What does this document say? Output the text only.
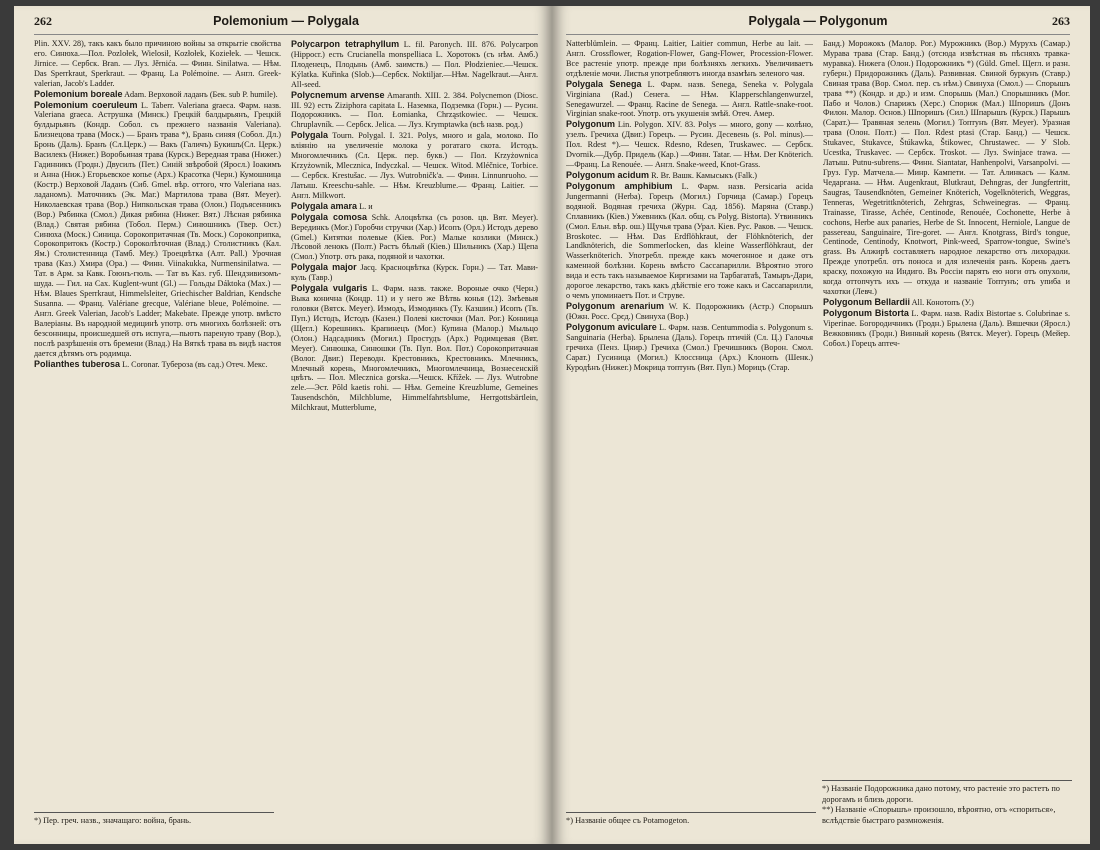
262	Polemonium — Polygala

Plin. XXV. 28), такъ какъ было причиною войны за открытіе свойства его. Синюха.—Пол. Pozlołek, Wielosił, Kozłołek, Koziełek. — Чешск. Jirnice. — Сербск. Bran. — Луз. Jěrnića. — Финн. Sinilatwa. — Нѣм. Das Sperrkraut, Sperkraut. — Франц. La Polémoine. — Англ. Greek-valerian, Jacob's Ladder.

Polemonium boreale Adam. Верховой ладанъ (Бек. sub P. humile).

Polemonium coeruleum L. Taberr. Valeriana graeca. Фарм. назв. Valeriana graeca. Аструшка (Минск.) Грецкій балдырьянъ, Грецкій булдырьянъ (Кондр. Собол. съ прежнего названія Valeriana). Близнецова трава (Моск.) — Бранъ трава *), Брань синяя (Собол. Дл.) Бронь (Даль). Бранъ (Сл.Церк.) — Вакъ (Галичъ) Букишъ(Сл. Церк.) Василекъ (Нижег.) Воробьиная трава (Курск.) Вередная трава (Нижег.) Гадинникъ (Гродн.) Двусилъ (Пет.) Синій звѣробой (Яросл.) Іоакимъ и Анна (Ниж.) Егорьевское копье (Арх.) Красотка (Черн.) Кумошница (Костр.) Верховой Ладанъ (Сиб. Gmel. вѣр. оттого, что Valeriana наз. ладаномъ). Маточникъ (Эк. Маг.) Мартилова трава (Вят. Meyer). Николаевская трава (Вор.) Нипкольская трава (Олон.) Подъясенникъ (Вор.) Рябинка (Смол.) Дикая рябина (Нижег. Вят.) Лѣсная рябинка (Влад.) Святая рябина (Тобол. Перм.) Синюшникъ (Твер. Ост.) Синюха (Моск.) Синица. Сорокопритачная (Тв. Моск.) Сорокоприпка, Сорокопритокъ (Костр.) Сороколѣточная (Влад.) Столистникъ (Кал. Ям.) Столистенница (Тамб. Меу.) Троецвѣтка (Алт. Pall.) Урочная трава (Каз.) Хмира (Ора.) — Финн. Viinakukka, Nurmensinilatwa. — Тат. в Арм. за Кавк. Гоюнъ-гюль. — Тат въ Каз. губ. Шендзивизомъ-шуда. — Гил. на Сах. Kuglent-wunt (Gl.) — Гольды Dáktoka (Max.) — Нѣм. Blaues Sperrkraut, Himmelsleiter, Griechischer Baldrian, Kendsche Susanna. — Франц. Valériane grecque, Valériane bleue, Polémoine. — Англ. Greek Valerian, Jacob's Ladder; Makebate. Прежде употр. вмѣсто Валеріаны. Въ народной медицинѣ употр. отъ многихъ болѣзней: отъ безсонницы, происшедшей отъ испуга,—пьютъ пареную траву (Вор.), послѣ разрѣшенія отъ бремени (Влад.) На Вяткѣ трава въ видѣ настоя дается дѣтямъ отъ родимца.

Polianthes tuberosa L. Coronar. Туберoза (въ сад.) Отеч. Мекс.

Polycarpon tetraphyllum L. fil. Paronych. III. 876. Polycarpon (Hippocr.) есть Crucianella monspelliaca L. Хоротокъ (съ нѣм. Амб.) Плоденецъ, Плодынь (Амб. заимств.) — Пол. Płodzieniec.—Чешск. Kýlatka. Kuřinka (Slob.)—Сербск. Noktiljar.—Нѣм. Nagelkraut.—Англ. All-seed.

Polycnemum arvense Amaranth. XIII. 2. 384. Polycnemon (Diosc. III. 92) есть Ziziphora capitata L. Наземка, Подземка (Горн.) — Русин. Подорожникъ. — Пол. Łomianka, Chrząstkowiec. — Чешск. Chruplavník. — Сербск. Jelica. — Луз. Krymptawka (всѣ назв. род.)

Polygala Tourn. Polygal. I. 321. Polys, много и gala, молоко. По вліянію на увеличеніе молока у рогатаго скота. Истодъ. Многомлечникъ (Сл. Церк. пер. букв.) — Пол. Krzyżownica Krzyżownik, Mlecznica, Indyczkal. — Чешск. Witod. Mléčnice, Torbice. — Сербск. Krestušac. — Луз. Wutrobničk'a. — Финн. Linnunruoho. — Латыш. Kreeschu-sahle. — Нѣм. Kreuzblume.— Франц. Laitier. — Англ. Milkwort.

Polygala amara L. и

Polygala comosa Schk. Алоцвѣтка (съ розов. цв. Вят. Meyer). Верединкъ (Мог.) Горобчи стручки (Хар.) Исопъ (Орл.) Истодъ дерево (Gmel.) Китятки полевые (Кіев. Рог.) Малые козлики (Минск.) Лѣсовой ленокъ (Полт.) Растъ бѣлый (Кіев.) Шильникъ (Хар.) Щепа (Смол.) Употр. отъ рака, подяной и чахотки.

Polygala major Jacq. Красноцвѣтка (Курск. Горн.) — Тат. Мави-куль (Тавр.)

Polygala vulgaris L. Фарм. назв. также. Вороные очко (Черн.) Выка конична (Кондр. 11) и у него же Вѣтвь конья (12). Змѣевыя головки (Вятск. Meyer). Измодъ, Измодинкъ (Ту. Казшин.) Исопъ (Тв. Пуп.) Истодъ, Истодъ (Казен.) Полевi кисточки (Мал. Рог.) Конница (Щегл.) Корешникъ. Крапинецъ (Мог.) Купина (Малор.) Мыльцо (Олон.) Надсадникъ (Могил.) Простудъ (Арх.) Родимцевая (Вят. Meyer). Синюшка, Синюшки (Тв. Пуп. Вол. Пот.) Сорокопритачная (Волог. Двиг.) Переводн. Крестовникъ, Крестовникъ. Млечникъ, Млечный корень, Многомлечникъ, Многомлечница, Вознесенскій цвѣтъ. — Пол. Mlecznica gorska.—Чешск. Křížek. — Луз. Wutrobne zele.—Эст. Põld kaetis rohi. — Нѣм. Gemeine Kreuzblume, Gemeines Tausendschön, Milchblume, Himmelfahrtsblume, Herrgottsbärtlein, Milchkraut, Mutterblume,

*) Пер. греч. назв., значащаго: война, брань.
Polygala — Polygonum	263

Natterblümlein. — Франц. Laitier, Laitier commun, Herbe au lait. — Англ. Crossflower, Rogation-Flower, Gang-Flower, Procession-Flower. Все растеніе употр. прежде при болѣзняхъ легкихъ. Увеличиваетъ отдѣленіе мочи. Листья употребляютъ иногда взамѣнъ зеленого чая.

Polygala Senega L. Фарм. назв. Senega, Seneka v. Polygala Virginiana (Rad.) Сенега. — Нѣм. Klapperschlangenwurzel, Senegawurzel. — Франц. Raсine de Senega. — Англ. Rattle-snake-root. Virginian snake-root. Употр. отъ укушенія змѣй. Отеч. Амер.

Polygonum Lin. Polygon. XIV. 83. Polys — много, gony — колѣно, узелъ. Гречиха (Двиг.) Горецъ. — Русин. Десевень (s. Pol. minus).—Пол. Rdest *).— Чешск. Rdesno, Rdesen, Truskawec. — Сербск. Dvornik.—Дубр. Придель (Кар.) —Финн. Tatar. — Нѣм. Der Knöterich. —Франц. La Renouée. — Англ. Snake-weed, Knot-Grass.

Polygonum acidum R. Br. Вашк. Камысыкъ (Falk.)

Polygonum amphibium L. Фарм. назв. Persicaria acida Jungermanni (Herba). Горецъ (Могил.) Горчица (Самар.) Горецъ водяной. Водяная гречиха (Журн. Сад. 1856). Маряна (Ставр.) Сплавникъ (Кіев.) Ужевникъ (Кал. общ. съ Polyg. Bistorta). Утвинникъ (Смол. Ельн. вѣр. ош.) Щучья трава (Урал. Кіев. Рус. Раков. — Чешск. Broskotec. — Нѣм. Das Erdflöhkraut, der Flöhknöterich, der Landknöterich, die Sommerlocken, das kleine Wasserflöhkraut, der Wasserknöterich. Употребл. прежде какъ мочегонное и даже отъ каменной болѣзни. Корень вмѣсто Сассапарилли. Вѣроятно этого вида и есть такъ называемое Киргизами на Тарбагатаѣ, Тамыръ-Дари, дорогое лекарство, такъ какъ дѣйствіе его тоже какъ и Сассапарилли, о чемъ упоминаетъ Пот. и Струве.

Polygonum arenarium W. K. Подорожникъ (Астр.) Спорышъ (Южн. Росс. Срєд.) Свинуха (Вор.)

Polygonum aviculare L. Фарм. назв. Centummodia s. Polygonum s. Sanguinaria (Herba). Брылена (Даль). Горецъ птичій (Сл. Ц.) Галочья гречиха (Пенз. Цнир.) Гречиха (Смол.) Гречишникъ (Ворон. Смол. Сарат.) Гусиница (Могил.) Клоссница (Арх.) Клонопъ (Шенк.) Куродѣнъ (Нижег.) Мокрица топтунъ (Вят. Пуп.) Морицъ (Стар.

Банд.) Морожокъ (Малор. Рог.) Мурожникъ (Вор.) Мурухъ (Самар.) Мурава трава (Стар. Банд.) (отсюда извѣстная въ пѣсняхъ травка-муравка). Нижегa (Олон.) Подорожникъ *) (Güld. Gmel. Щегл. и разн. губерн.) Придорожникъ (Даль). Развивная. Свиной буркунъ (Ставр.) Свиная трава (Вор. Смол. пер. съ нѣм.) Свинуха (Смол.) — Спорышъ трава **) (Кондр. и др.) и изм. Спорышь (Мал.) Спорышникъ (Мог. Пабо и Чолов.) Спарижъ (Херс.) Спориж (Мал.) Шпоришъ (Донъ Филон. Малор. Основ.) Шпоришъ (Сил.) Шпарышъ (Курск.) Парышъ (Сарат.)— Травяная зелень (Могил.) Топтунъ (Вят. Meyer). Уразная трава (Олон. Полт.) — Пол. Rdest ptasi (Стар. Банд.) — Чешск. Stukavec, Stukavce, Štúkawka, Štikowec, Chrustawec. — У Slob. Ucestka, Truskavec. — Сербск. Troskot. — Луз. Swinjace trawa. — Латыш. Putnu-subrens.— Финн. Siantatar, Hanhenpolvi, Varsanpolvi. — Груз. Гур. Матчела.— Минр. Кампети. — Тат. Алинкасъ — Калм. Чедаргана. — Нѣм. Augenkraut, Blutkraut, Dehngras, der Jungfertritt, Saugras, Tausendknöten, Gemeiner Knöterich, Vogelknöterich, Weggras, Tenneras, Wegetrittknöterich, Zehrgras, Schweinegras. — Франц. Trainasse, Tirasse, Achée, Centinode, Renouée, Cochonette, Herbe à cochons, Herbe aux panaries, Herbe de St. Innocent, Herniole, Langue de passereau, Sanguinaire, Tire-goret. — Англ. Knotgrass, Bird's tongue, Centinode, Centinody, Knotwort, Pink-weed, Sparrow-tongue, Swine's grass. Въ Алжирѣ составляетъ народное лекарство отъ лихорадки. Прежде употребл. отъ поноса и для излеченія ранъ. Корень даетъ краску, похожую на Индиго. Въ Россіи парятъ ею ноги отъ опухоли, когда оттопчутъ ихъ — откуда и названіе Топтунъ; отъ упиба и чахотки (Левч.)

Polygonum Bellardii All. Конотопъ (У.)

Polygonum Bistorta L. Фарм. назв. Radix Bistortae s. Colubrinae s. Viperinae. Богородичникъ (Гродн.) Брылена (Даль). Вяшечки (Яросл.) Вежковникъ (Гродн.) Винный корень (Вятск. Meyer). Горецъ (Мейер. Собол.) Горецъ аптеч-

*) Названіе общее съ Potamogeton.
*) Названіе Подорожника дано потому, что растеніе это растетъ по дорогамъ и близь дороги.
**) Названіе «Спорышъ» произошло, вѣроятно, отъ «спориться», вслѣдствіе быстраго размноженія.
